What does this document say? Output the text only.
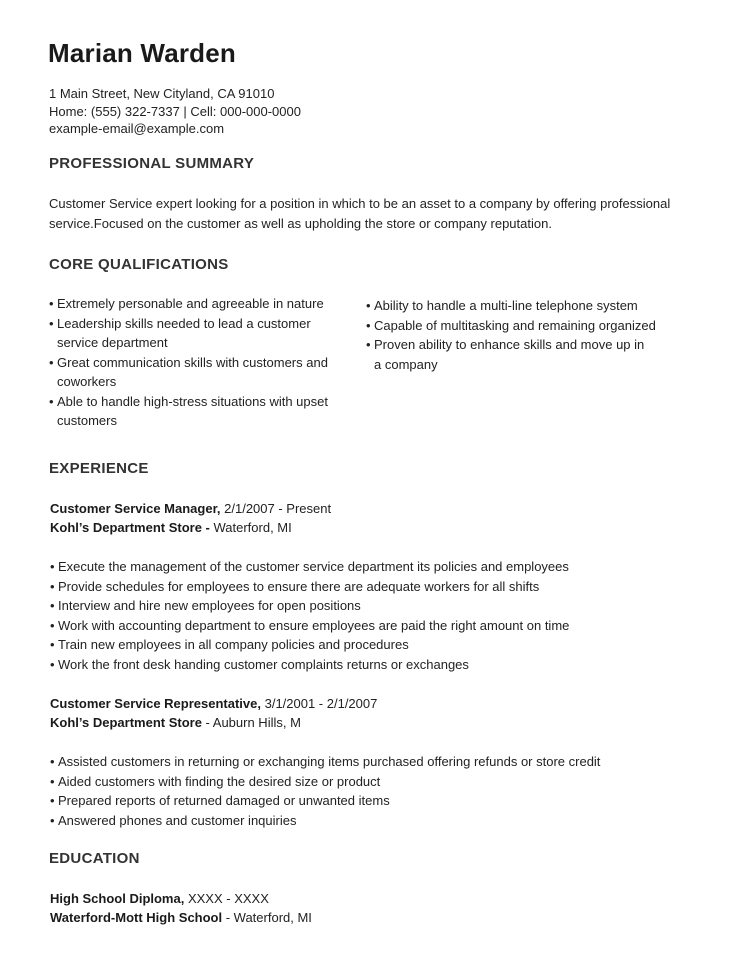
Marian Warden
1 Main Street, New Cityland, CA 91010
Home: (555) 322-7337 | Cell: 000-000-0000
example-email@example.com
PROFESSIONAL SUMMARY
Customer Service expert looking for a position in which to be an asset to a company by offering professional service.Focused on the customer as well as upholding the store or company reputation.
CORE QUALIFICATIONS
• Extremely personable and agreeable in nature
• Leadership skills needed to lead a customer service department
• Great communication skills with customers and coworkers
• Able to handle high-stress situations with upset customers
• Ability to handle a multi-line telephone system
• Capable of multitasking and remaining organized
• Proven ability to enhance skills and move up in a company
EXPERIENCE
Customer Service Manager, 2/1/2007 - Present
Kohl’s Department Store - Waterford, MI
• Execute the management of the customer service department its policies and employees
• Provide schedules for employees to ensure there are adequate workers for all shifts
• Interview and hire new employees for open positions
• Work with accounting department to ensure employees are paid the right amount on time
• Train new employees in all company policies and procedures
• Work the front desk handing customer complaints returns or exchanges
Customer Service Representative, 3/1/2001 - 2/1/2007
Kohl’s Department Store - Auburn Hills, M
• Assisted customers in returning or exchanging items purchased offering refunds or store credit
• Aided customers with finding the desired size or product
• Prepared reports of returned damaged or unwanted items
• Answered phones and customer inquiries
EDUCATION
High School Diploma, XXXX - XXXX
Waterford-Mott High School - Waterford, MI
